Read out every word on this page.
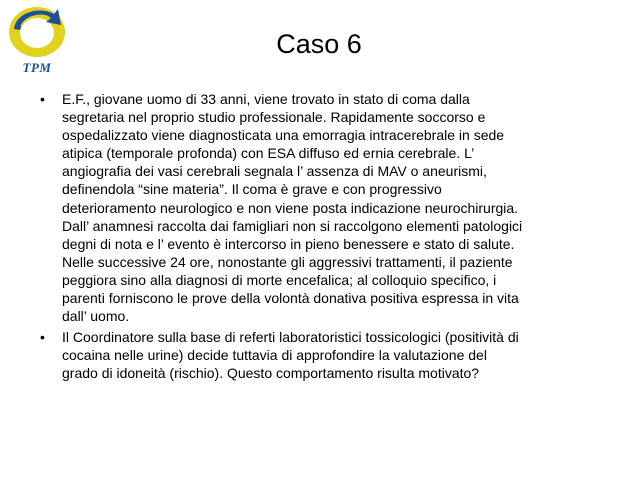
TPM
Caso 6
• E.F., giovane uomo di 33 anni, viene trovato in stato di coma dalla
segretaria nel proprio studio professionale. Rapidamente soccorso e
ospedalizzato viene diagnosticata una emorragia intracerebrale in sede
atipica (temporale profonda) con ESA diffuso ed ernia cerebrale. L’
angiografia dei vasi cerebrali segnala l’ assenza di MAV o aneurismi,
definendola “sine materia”. Il coma è grave e con progressivo
deterioramento neurologico e non viene posta indicazione neurochirurgia.
Dall’ anamnesi raccolta dai famigliari non si raccolgono elementi patologici
degni di nota e l’ evento è intercorso in pieno benessere e stato di salute.
Nelle successive 24 ore, nonostante gli aggressivi trattamenti, il paziente
peggiora sino alla diagnosi di morte encefalica; al colloquio specifico, i
parenti forniscono le prove della volontà donativa positiva espressa in vita
dall’ uomo.
• Il Coordinatore sulla base di referti laboratoristici tossicologici (positività di
cocaina nelle urine) decide tuttavia di approfondire la valutazione del
grado di idoneità (rischio). Questo comportamento risulta motivato?
